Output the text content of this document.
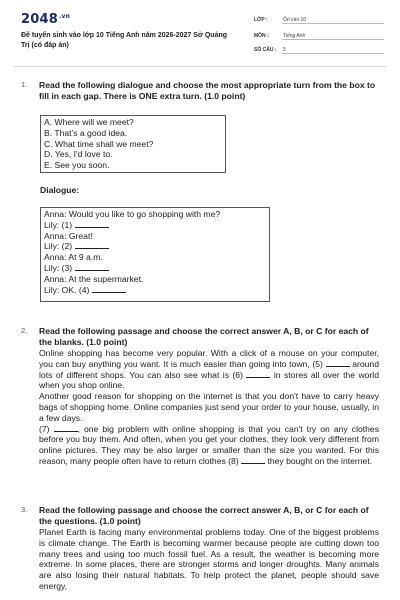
$2048^{.vn}$
Đề tuyển sinh vào lớp 10 Tiếng Anh năm 2026-2027 Sở Quảng Trị (có đáp án)
LỚP :	Ôn vào 10
MÔN :	Tiếng Anh
SỐ CÂU : 5
1. Read the following dialogue and choose the most appropriate turn from the box to fill in each gap. There is ONE extra turn. (1.0 point)
A. Where will we meet?
B. That's a good idea.
C. What time shall we meet?
D. Yes, I'd love to.
E. See you soon.
Dialogue:
Anna: Would you like to go shopping with me?
Lily: (1)
Anna: Great!
Lily: (2)
Anna: At 9 a.m.
Lily: (3)
Anna: At the supermarket.
Lily: OK. (4)
2. Read the following passage and choose the correct answer A, B, or C for each of the blanks. (1.0 point)
Online shopping has become very popular. With a click of a mouse on your computer, you can buy anything you want. It is much easier than going into town, (5)	around lots of different shops. You can also see what is (6)	in stores all over the world when you shop online.
Another good reason for shopping on the internet is that you don't have to carry heavy bags of shopping home. Online companies just send your order to your house, usually, in a few days.
(7)	, one big problem with online shopping is that you can't try on any clothes before you buy them. And often, when you get your clothes, they look very different from online pictures. They may be also larger or smaller than the size you wanted. For this reason, many people often have to return clothes (8)	they bought on the internet.
3. Read the following passage and choose the correct answer A, B, or C for each of the questions. (1.0 point)
Planet Earth is facing many environmental problems today. One of the biggest problems is climate change. The Earth is becoming warmer because people are cutting down too many trees and using too much fossil fuel. As a result, the weather is becoming more extreme. In some places, there are stronger storms and longer droughts. Many animals are also losing their natural habitats. To help protect the planet, people should save energy,
